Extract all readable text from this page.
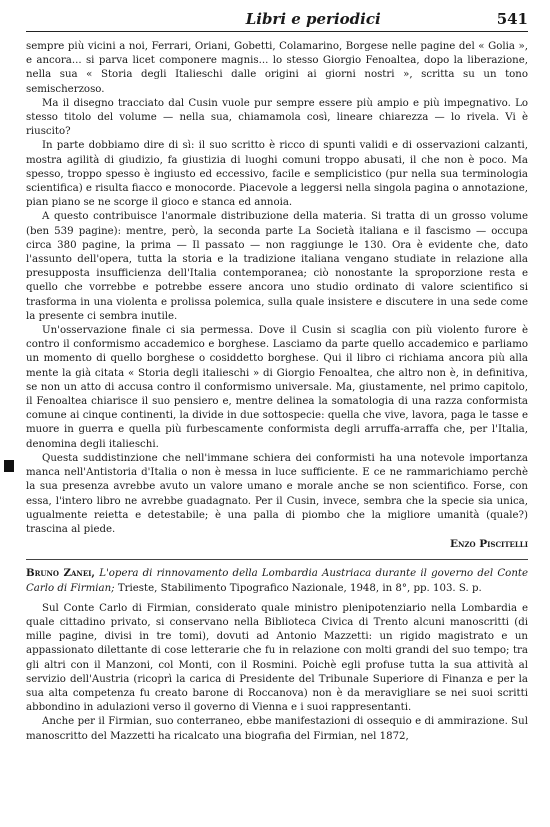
Libri e periodici	541

sempre più vicini a noi, Ferrari, Oriani, Gobetti, Colamarino, Borgese nelle pagine del « Golia », e ancora... si parva licet componere magnis... lo stesso Giorgio Fenoaltea, dopo la liberazione, nella sua « Storia degli Italieschi dalle origini ai giorni nostri », scritta su un tono semischerzoso.

Ma il disegno tracciato dal Cusin vuole pur sempre essere più ampio e più impegnativo. Lo stesso titolo del volume — nella sua, chiamamola così, lineare chiarezza — lo rivela. Vi è riuscito?

In parte dobbiamo dire di sì: il suo scritto è ricco di spunti validi e di osservazioni calzanti, mostra agilità di giudizio, fa giustizia di luoghi comuni troppo abusati, il che non è poco. Ma spesso, troppo spesso è ingiusto ed eccessivo, facile e semplicistico (pur nella sua terminologia scientifica) e risulta fiacco e monocorde. Piacevole a leggersi nella singola pagina o annotazione, pian piano se ne scorge il gioco e stanca ed annoia.

A questo contribuisce l'anormale distribuzione della materia. Si tratta di un grosso volume (ben 539 pagine): mentre, però, la seconda parte La Società italiana e il fascismo — occupa circa 380 pagine, la prima — Il passato — non raggiunge le 130. Ora è evidente che, dato l'assunto dell'opera, tutta la storia e la tradizione italiana vengano studiate in relazione alla presupposta insufficienza dell'Italia contemporanea; ciò nonostante la sproporzione resta e quello che vorrebbe e potrebbe essere ancora uno studio ordinato di valore scientifico si trasforma in una violenta e prolissa polemica, sulla quale insistere e discutere in una sede come la presente ci sembra inutile.

Un'osservazione finale ci sia permessa. Dove il Cusin si scaglia con più violento furore è contro il conformismo accademico e borghese. Lasciamo da parte quello accademico e parliamo un momento di quello borghese o cosiddetto borghese. Qui il libro ci richiama ancora più alla mente la già citata « Storia degli italieschi » di Giorgio Fenoaltea, che altro non è, in definitiva, se non un atto di accusa contro il conformismo universale. Ma, giustamente, nel primo capitolo, il Fenoaltea chiarisce il suo pensiero e, mentre delinea la somatologia di una razza conformista comune ai cinque continenti, la divide in due sottospecie: quella che vive, lavora, paga le tasse e muore in guerra e quella più furbescamente conformista degli arruffa-arraffa che, per l'Italia, denomina degli italieschi.

Questa suddistinzione che nell'immane schiera dei conformisti ha una notevole importanza manca nell'Antistoria d'Italia o non è messa in luce sufficiente. E ce ne rammarichiamo perchè la sua presenza avrebbe avuto un valore umano e morale anche se non scientifico. Forse, con essa, l'intero libro ne avrebbe guadagnato. Per il Cusin, invece, sembra che la specie sia unica, ugualmente reietta e detestabile; è una palla di piombo che la migliore umanità (quale?) trascina al piede.

Enzo Piscitelli

Bruno Zanei, L'opera di rinnovamento della Lombardia Austriaca durante il governo del Conte Carlo di Firmian; Trieste, Stabilimento Tipografico Nazionale, 1948, in 8°, pp. 103. S. p.

Sul Conte Carlo di Firmian, considerato quale ministro plenipotenziario nella Lombardia e quale cittadino privato, si conservano nella Biblioteca Civica di Trento alcuni manoscritti (di mille pagine, divisi in tre tomi), dovuti ad Antonio Mazzetti: un rigido magistrato e un appassionato dilettante di cose letterarie che fu in relazione con molti grandi del suo tempo; tra gli altri con il Manzoni, col Monti, con il Rosmini. Poichè egli profuse tutta la sua attività al servizio dell'Austria (ricoprì la carica di Presidente del Tribunale Superiore di Finanza e per la sua alta competenza fu creato barone di Roccanova) non è da meravigliare se nei suoi scritti abbondino in adulazioni verso il governo di Vienna e i suoi rappresentanti.

Anche per il Firmian, suo conterraneo, ebbe manifestazioni di ossequio e di ammirazione. Sul manoscritto del Mazzetti ha ricalcato una biografia del Firmian, nel 1872,
